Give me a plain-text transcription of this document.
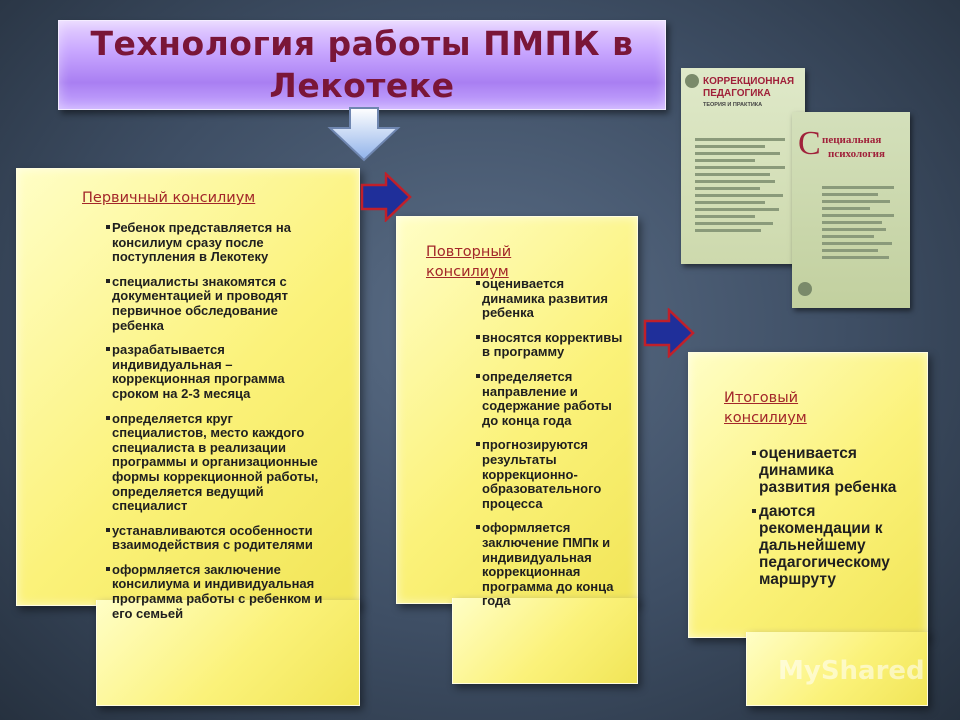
Технология работы ПМПК в Лекотеке

Первичный консилиум

Ребенок представляется на консилиум сразу после поступления в Лекотеку
специалисты знакомятся с документацией и проводят первичное обследование ребенка
разрабатывается индивидуальная – коррекционная программа сроком на 2-3 месяца
определяется круг специалистов, место каждого специалиста в реализации программы и организационные формы коррекционной работы, определяется ведущий специалист
устанавливаются особенности взаимодействия с родителями
оформляется заключение консилиума и индивидуальная программа работы с ребенком и его семьей

Повторный консилиум

оценивается динамика развития ребенка
вносятся коррективы в программу
определяется направление и содержание работы до конца года
прогнозируются результаты коррекционно-образовательного процесса
оформляется заключение ПМПк и индивидуальная коррекционная программа до конца года

Итоговый консилиум

оценивается динамика развития ребенка
даются рекомендации к дальнейшему педагогическому маршруту

КОРРЕКЦИОННАЯ

ПЕДАГОГИКА

ТЕОРИЯ И ПРАКТИКА

С пециальная

психология

MyShared
